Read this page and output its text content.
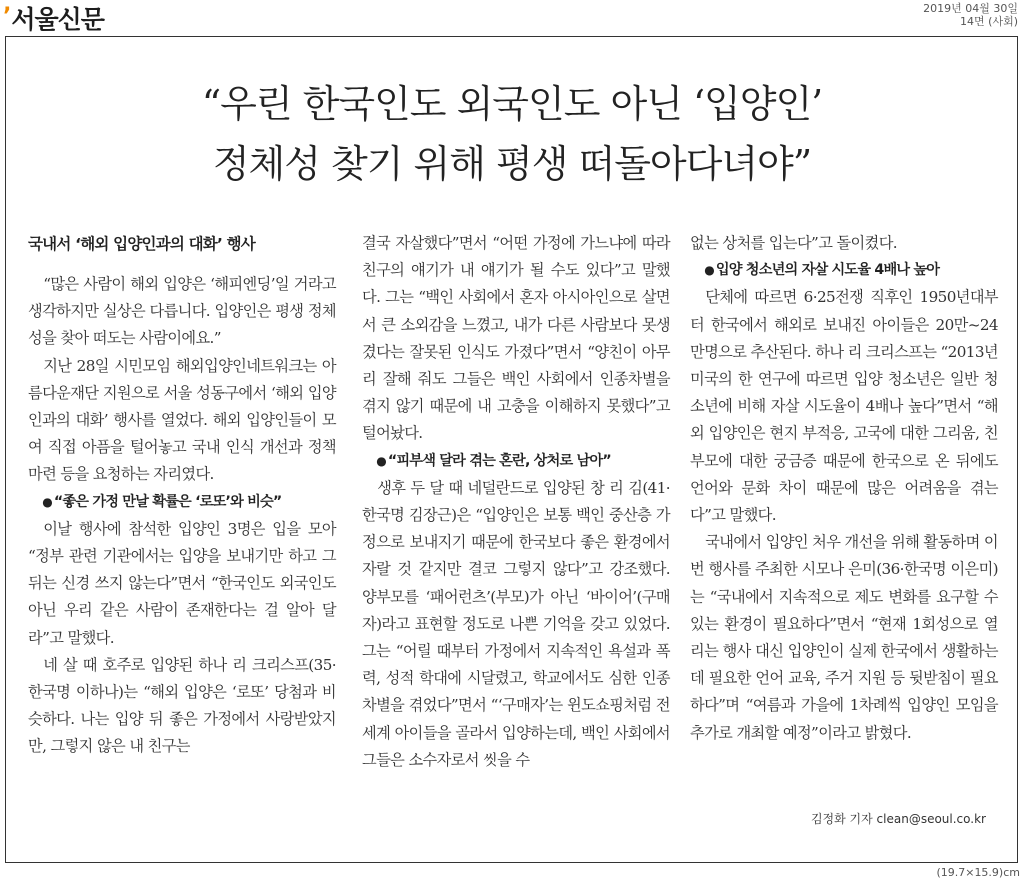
’서울신문	2019년 04월 30일
14면 (사회)
“우린 한국인도 외국인도 아닌 ‘입양인’
정체성 찾기 위해 평생 떠돌아다녀야”
국내서 ‘해외 입양인과의 대화’ 행사

“많은 사람이 해외 입양은 ‘해피엔딩’일 거라고 생각하지만 실상은 다릅니다. 입양인은 평생 정체성을 찾아 떠도는 사람이에요.”

지난 28일 시민모임 해외입양인네트워크는 아름다운재단 지원으로 서울 성동구에서 ‘해외 입양인과의 대화’ 행사를 열었다. 해외 입양인들이 모여 직접 아픔을 털어놓고 국내 인식 개선과 정책 마련 등을 요청하는 자리였다.

● “좋은 가정 만날 확률은 ‘로또’와 비슷”

이날 행사에 참석한 입양인 3명은 입을 모아 “정부 관련 기관에서는 입양을 보내기만 하고 그 뒤는 신경 쓰지 않는다”면서 “한국인도 외국인도 아닌 우리 같은 사람이 존재한다는 걸 알아 달라”고 말했다.

네 살 때 호주로 입양된 하나 리 크리스프(35·한국명 이하나)는 “해외 입양은 ‘로또’ 당첨과 비슷하다. 나는 입양 뒤 좋은 가정에서 사랑받았지만, 그렇지 않은 내 친구는

결국 자살했다”면서 “어떤 가정에 가느냐에 따라 친구의 얘기가 내 얘기가 될 수도 있다”고 말했다. 그는 “백인 사회에서 혼자 아시아인으로 살면서 큰 소외감을 느꼈고, 내가 다른 사람보다 못생겼다는 잘못된 인식도 가졌다”면서 “양친이 아무리 잘해 줘도 그들은 백인 사회에서 인종차별을 겪지 않기 때문에 내 고충을 이해하지 못했다”고 털어놨다.

● “피부색 달라 겪는 혼란, 상처로 남아”

생후 두 달 때 네덜란드로 입양된 창 리 김(41·한국명 김장근)은 “입양인은 보통 백인 중산층 가정으로 보내지기 때문에 한국보다 좋은 환경에서 자랄 것 같지만 결코 그렇지 않다”고 강조했다. 양부모를 ‘패어런츠’(부모)가 아닌 ‘바이어’(구매자)라고 표현할 정도로 나쁜 기억을 갖고 있었다. 그는 “어릴 때부터 가정에서 지속적인 욕설과 폭력, 성적 학대에 시달렸고, 학교에서도 심한 인종차별을 겪었다”면서 “‘구매자’는 윈도쇼핑처럼 전 세계 아이들을 골라서 입양하는데, 백인 사회에서 그들은 소수자로서 씻을 수

없는 상처를 입는다”고 돌이켰다.

● 입양 청소년의 자살 시도율 4배나 높아

단체에 따르면 6·25전쟁 직후인 1950년대부터 한국에서 해외로 보내진 아이들은 20만~24만명으로 추산된다. 하나 리 크리스프는 “2013년 미국의 한 연구에 따르면 입양 청소년은 일반 청소년에 비해 자살 시도율이 4배나 높다”면서 “해외 입양인은 현지 부적응, 고국에 대한 그리움, 친부모에 대한 궁금증 때문에 한국으로 온 뒤에도 언어와 문화 차이 때문에 많은 어려움을 겪는다”고 말했다.

국내에서 입양인 처우 개선을 위해 활동하며 이번 행사를 주최한 시모나 은미(36·한국명 이은미)는 “국내에서 지속적으로 제도 변화를 요구할 수 있는 환경이 필요하다”면서 “현재 1회성으로 열리는 행사 대신 입양인이 실제 한국에서 생활하는 데 필요한 언어 교육, 주거 지원 등 뒷받침이 필요하다”며 “여름과 가을에 1차례씩 입양인 모임을 추가로 개최할 예정”이라고 밝혔다.

김정화 기자 clean@seoul.co.kr
(19.7×15.9)cm
